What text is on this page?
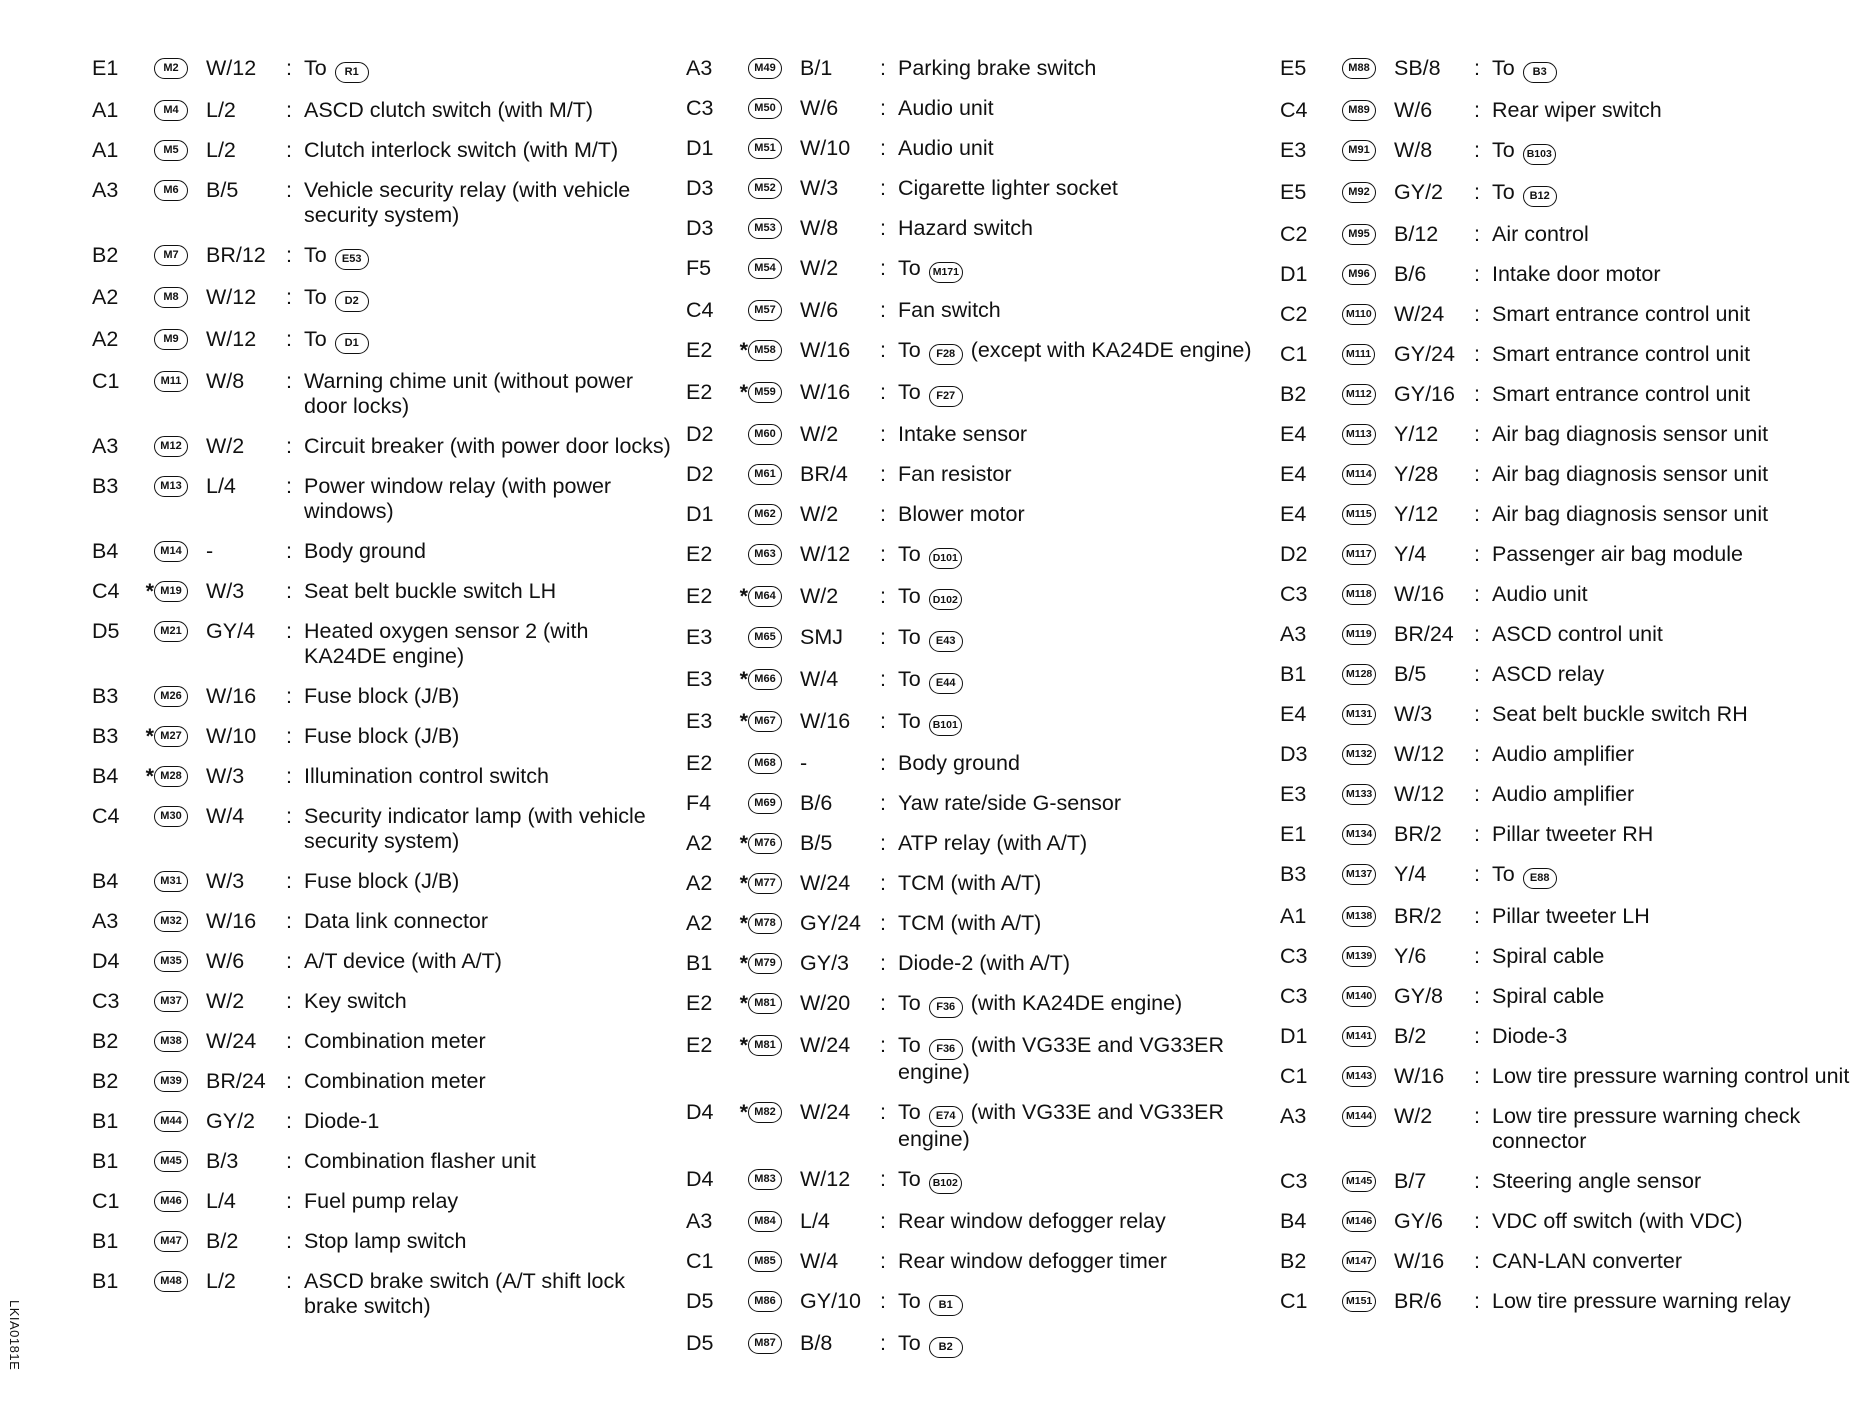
E1	M2	W/12	: To R1
A1	M4	L/2	: ASCD clutch switch (with M/T)
A1	M5	L/2	: Clutch interlock switch (with M/T)
A3	M6	B/5	: Vehicle security relay (with vehicle security system)
B2	M7	BR/12 : To E53
A2	M8	W/12	: To D2
A2	M9	W/12	: To D1
C1	M11	W/8	: Warning chime unit (without power door locks)
A3	M12 W/2	: Circuit breaker (with power door locks)
B3	M13 L/4	: Power window relay (with power windows)
B4	M14 -	: Body ground
C4	* M19 W/3	: Seat belt buckle switch LH
D5	M21 GY/4	: Heated oxygen sensor 2 (with KA24DE engine)
B3	M26 W/16	: Fuse block (J/B)
B3	* M27 W/10	: Fuse block (J/B)
B4	* M28 W/3	: Illumination control switch
C4	M30 W/4	: Security indicator lamp (with vehicle security system)
B4	M31 W/3	: Fuse block (J/B)
A3	M32 W/16	: Data link connector
D4	M35 W/6	: A/T device (with A/T)
C3	M37 W/2	: Key switch
B2	M38 W/24	: Combination meter
B2	M39 BR/24 : Combination meter
B1	M44 GY/2	: Diode-1
B1	M45 B/3	: Combination flasher unit
C1	M46 L/4	: Fuel pump relay
B1	M47 B/2	: Stop lamp switch
B1	M48 L/2	: ASCD brake switch (A/T shift lock brake switch)
A3	M49 B/1	: Parking brake switch
C3	M50 W/6	: Audio unit
D1	M51 W/10	: Audio unit
D3	M52 W/3	: Cigarette lighter socket
D3	M53 W/8	: Hazard switch
F5	M54 W/2	: To M171
C4	M57 W/6	: Fan switch
E2	* M58 W/16	: To F28 (except with KA24DE engine)
E2	* M59 W/16	: To F27
D2	M60 W/2	: Intake sensor
D2	M61 BR/4	: Fan resistor
D1	M62 W/2	: Blower motor
E2	M63 W/12	: To D101
E2	* M64 W/2	: To D102
E3	M65 SMJ	: To E43
E3	* M66 W/4	: To E44
E3	* M67 W/16	: To B101
E2	M68 -	: Body ground
F4	M69 B/6	: Yaw rate/side G-sensor
A2	* M76 B/5	: ATP relay (with A/T)
A2	* M77 W/24	: TCM (with A/T)
A2	* M78 GY/24 : TCM (with A/T)
B1	* M79 GY/3	: Diode-2 (with A/T)
E2	* M81 W/20	: To F36 (with KA24DE engine)
E2	* M81 W/24	: To F36 (with VG33E and VG33ER engine)
D4	* M82 W/24	: To E74 (with VG33E and VG33ER engine)
D4	M83 W/12	: To B102
A3	M84 L/4	: Rear window defogger relay
C1	M85 W/4	: Rear window defogger timer
D5	M86 GY/10 : To B1
D5	M87 B/8	: To B2
E5	M88 SB/8	: To B3
C4	M89 W/6	: Rear wiper switch
E3	M91 W/8	: To B103
E5	M92 GY/2	: To B12
C2	M95 B/12	: Air control
D1	M96 B/6	: Intake door motor
C2	M110 W/24	: Smart entrance control unit
C1	M111 GY/24 : Smart entrance control unit
B2	M112 GY/16 : Smart entrance control unit
E4	M113 Y/12	: Air bag diagnosis sensor unit
E4	M114 Y/28	: Air bag diagnosis sensor unit
E4	M115 Y/12	: Air bag diagnosis sensor unit
D2	M117 Y/4	: Passenger air bag module
C3	M118 W/16	: Audio unit
A3	M119 BR/24 : ASCD control unit
B1	M128 B/5	: ASCD relay
E4	M131 W/3	: Seat belt buckle switch RH
D3	M132 W/12	: Audio amplifier
E3	M133 W/12	: Audio amplifier
E1	M134 BR/2	: Pillar tweeter RH
B3	M137 Y/4	: To E88
A1	M138 BR/2	: Pillar tweeter LH
C3	M139 Y/6	: Spiral cable
C3	M140 GY/8	: Spiral cable
D1	M141 B/2	: Diode-3
C1	M143 W/16	: Low tire pressure warning control unit
A3	M144 W/2	: Low tire pressure warning check connector
C3	M145 B/7	: Steering angle sensor
B4	M146 GY/6	: VDC off switch (with VDC)
B2	M147 W/16	: CAN-LAN converter
C1	M151 BR/6	: Low tire pressure warning relay
LKIA0181E
